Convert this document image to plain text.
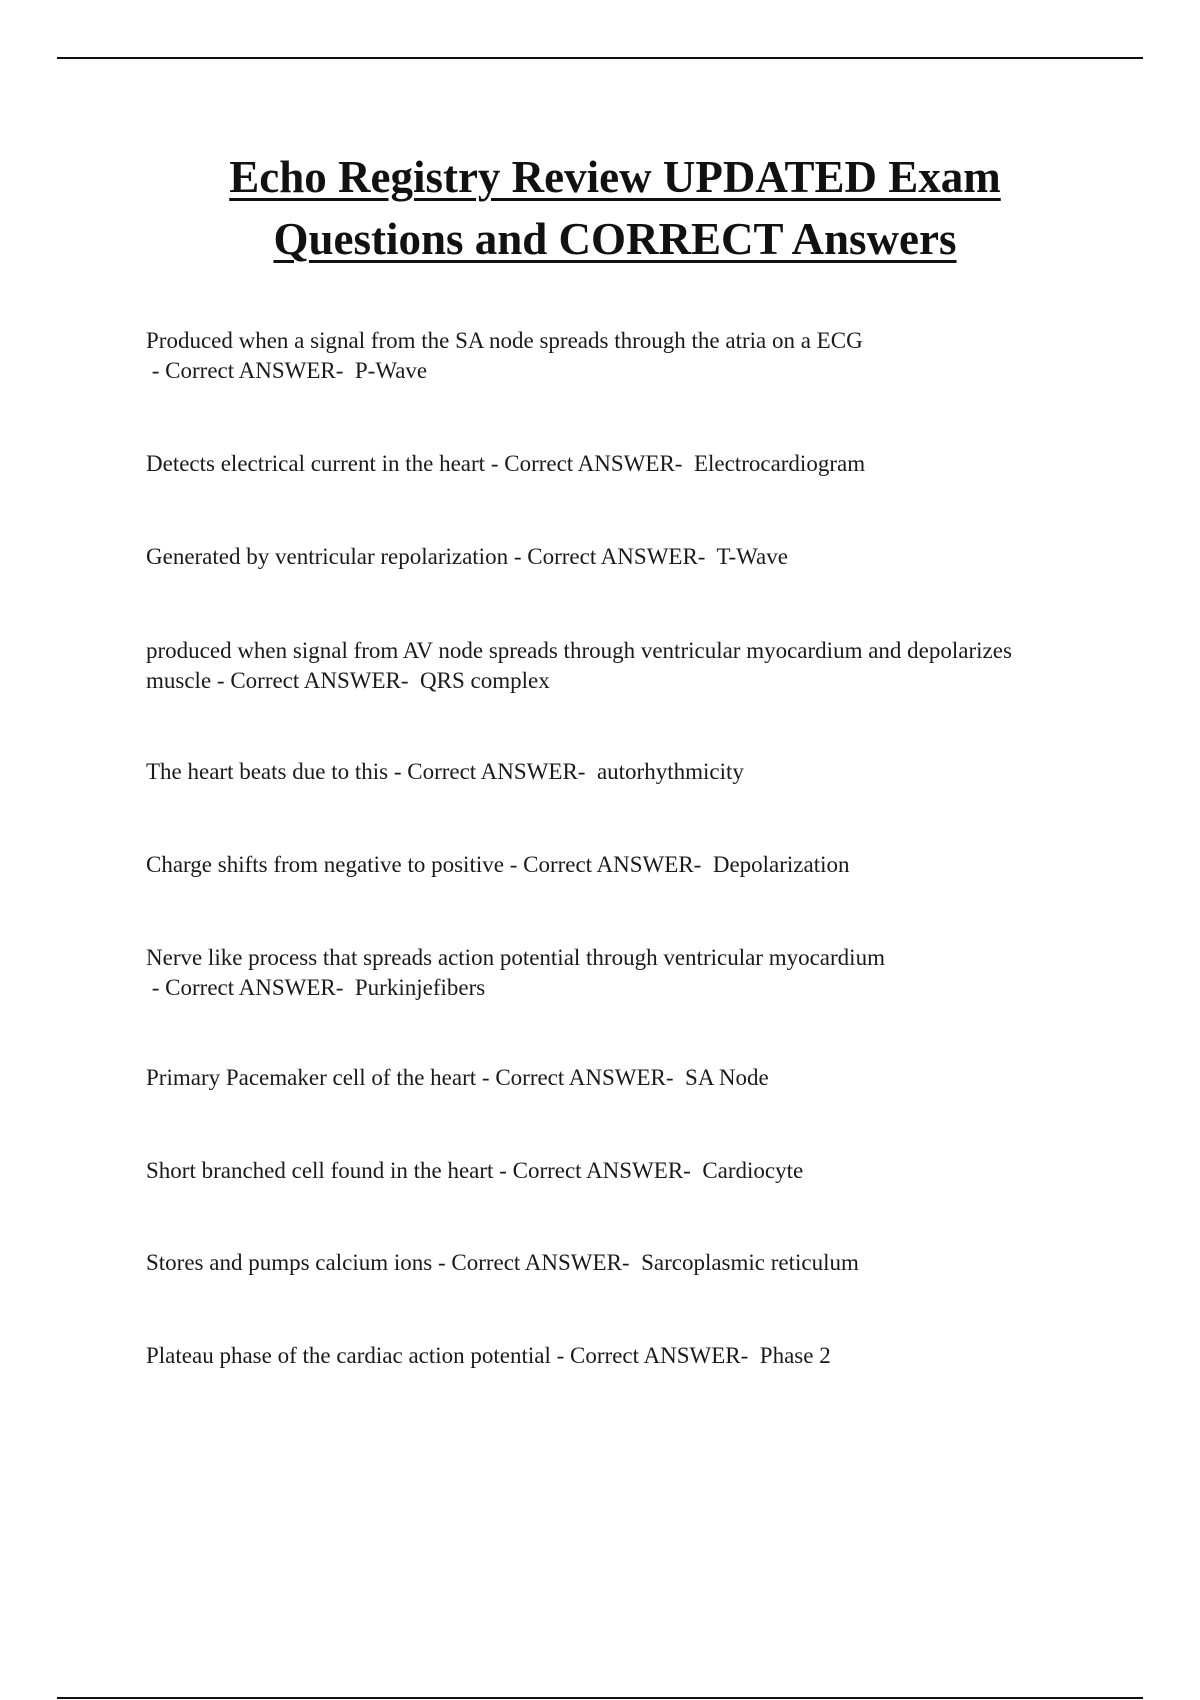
Echo Registry Review UPDATED Exam
Questions and CORRECT Answers

Produced when a signal from the SA node spreads through the atria on a ECG - Correct ANSWER-  P-Wave

Detects electrical current in the heart - Correct ANSWER-  Electrocardiogram

Generated by ventricular repolarization - Correct ANSWER-  T-Wave

produced when signal from AV node spreads through ventricular myocardium and depolarizes muscle - Correct ANSWER-  QRS complex

The heart beats due to this - Correct ANSWER-  autorhythmicity

Charge shifts from negative to positive - Correct ANSWER-  Depolarization

Nerve like process that spreads action potential through ventricular myocardium - Correct ANSWER-  Purkinjefibers

Primary Pacemaker cell of the heart - Correct ANSWER-  SA Node

Short branched cell found in the heart - Correct ANSWER-  Cardiocyte

Stores and pumps calcium ions - Correct ANSWER-  Sarcoplasmic reticulum

Plateau phase of the cardiac action potential - Correct ANSWER-  Phase 2
